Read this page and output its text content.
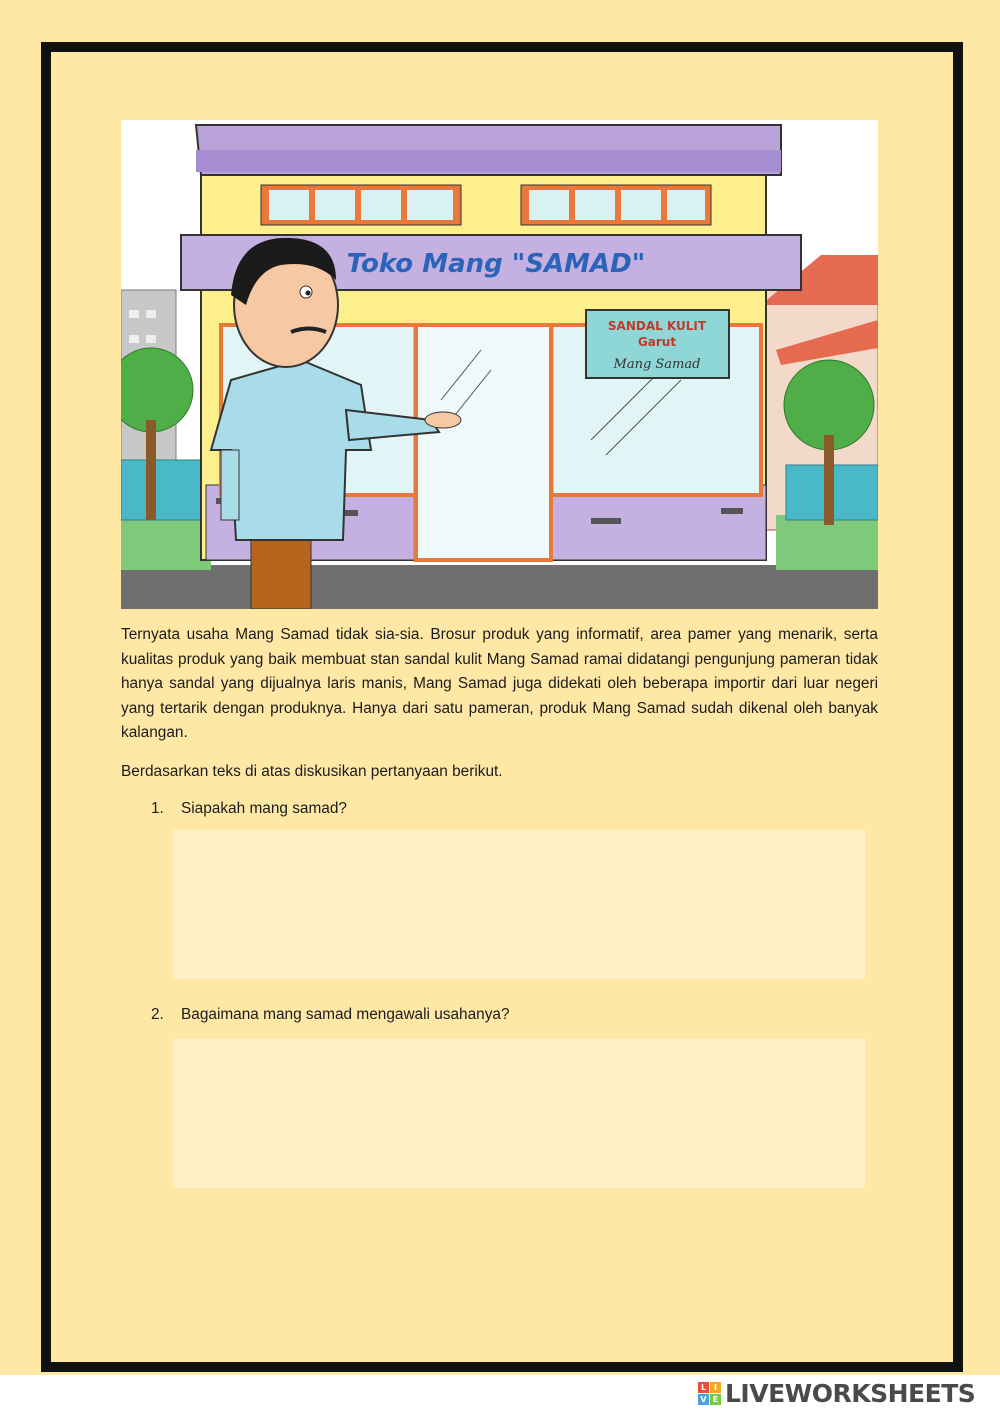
Toko Mang "SAMAD"
SANDAL KULIT
Garut
Mang Samad

Ternyata usaha Mang Samad tidak sia-sia. Brosur produk yang informatif, area pamer yang menarik, serta kualitas produk yang baik membuat stan sandal kulit Mang Samad ramai didatangi pengunjung pameran tidak hanya sandal yang dijualnya laris manis, Mang Samad juga didekati oleh beberapa importir dari luar negeri yang tertarik dengan produknya. Hanya dari satu pameran, produk Mang Samad sudah dikenal oleh banyak kalangan.

Berdasarkan teks di atas diskusikan pertanyaan berikut.

1. Siapakah mang samad?

2. Bagaimana mang samad mengawali usahanya?

L I
V E LIVEWORKSHEETS
